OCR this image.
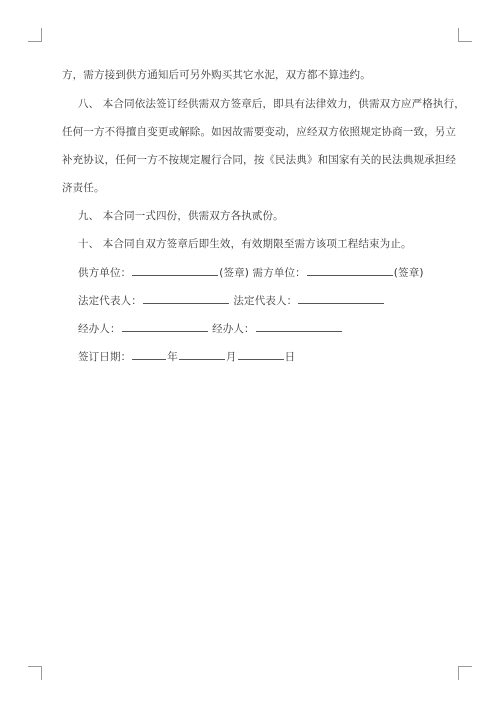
方，需方接到供方通知后可另外购买其它水泥，双方都不算违约。
八、 本合同依法签订经供需双方签章后，即具有法律效力，供需双方应严格执行，
任何一方不得擅自变更或解除。如因故需要变动，应经双方依照规定协商一致，另立
补充协议，任何一方不按规定履行合同，按《民法典》和国家有关的民法典规承担经
济责任。
九、 本合同一式四份，供需双方各执贰份。
十、 本合同自双方签章后即生效，有效期限至需方该项工程结束为止。
供方单位：	(签章) 需方单位：	(签章)
法定代表人：	法定代表人：
经办人：	经办人：
签订日期：	年	月	日
